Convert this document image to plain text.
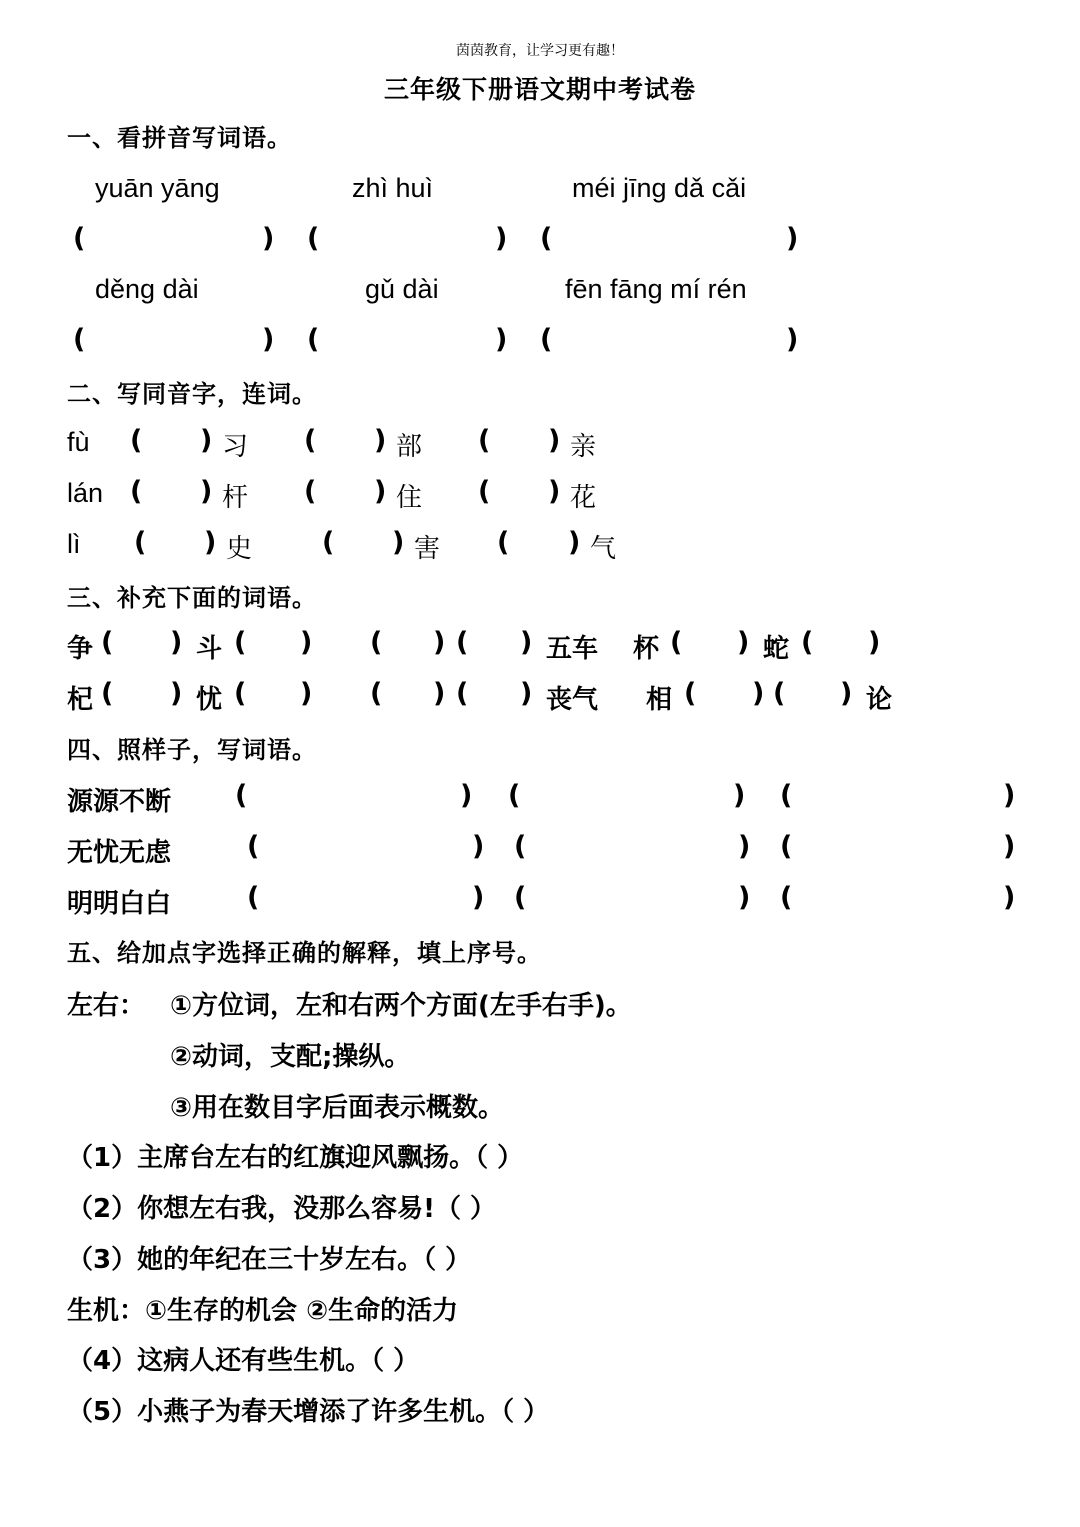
茵茵教育，让学习更有趣！
三年级下册语文期中考试卷
一、看拼音写词语。
yuān yāng	zhì huì	méi jīng dǎ cǎi
(	) (	) (	)
děng dài	gǔ dài	fēn fāng mí rén
(	) (	) (	)
二、写同音字，连词。
fù ( ) 习 ( ) 部 ( ) 亲
lán ( ) 杆 ( ) 住 ( ) 花
lì ( ) 史	( ) 害 ( ) 气
三、补充下面的词语。
争 ( ) 斗 ( ) ( ) ( ) 五车 杯 ( ) 蛇 ( )
杞 ( ) 忧 ( ) ( ) ( ) 丧气 相 ( ) ( ) 论
四、照样子，写词语。
源源不断 (	) (	) (	)
无忧无虑	(	) (	) (	)
明明白白	(	) (	) (	)
五、给加点字选择正确的解释，填上序号。
左右： ①方位词，左和右两个方面(左手右手)。
②动词，支配;操纵。
③用在数目字后面表示概数。
（1）主席台左右的红旗迎风飘扬。（ ）
（2）你想左右我，没那么容易!（ ）
（3）她的年纪在三十岁左右。（ ）
生机：①生存的机会 ②生命的活力
（4）这病人还有些生机。（ ）
（5）小燕子为春天增添了许多生机。（ ）
